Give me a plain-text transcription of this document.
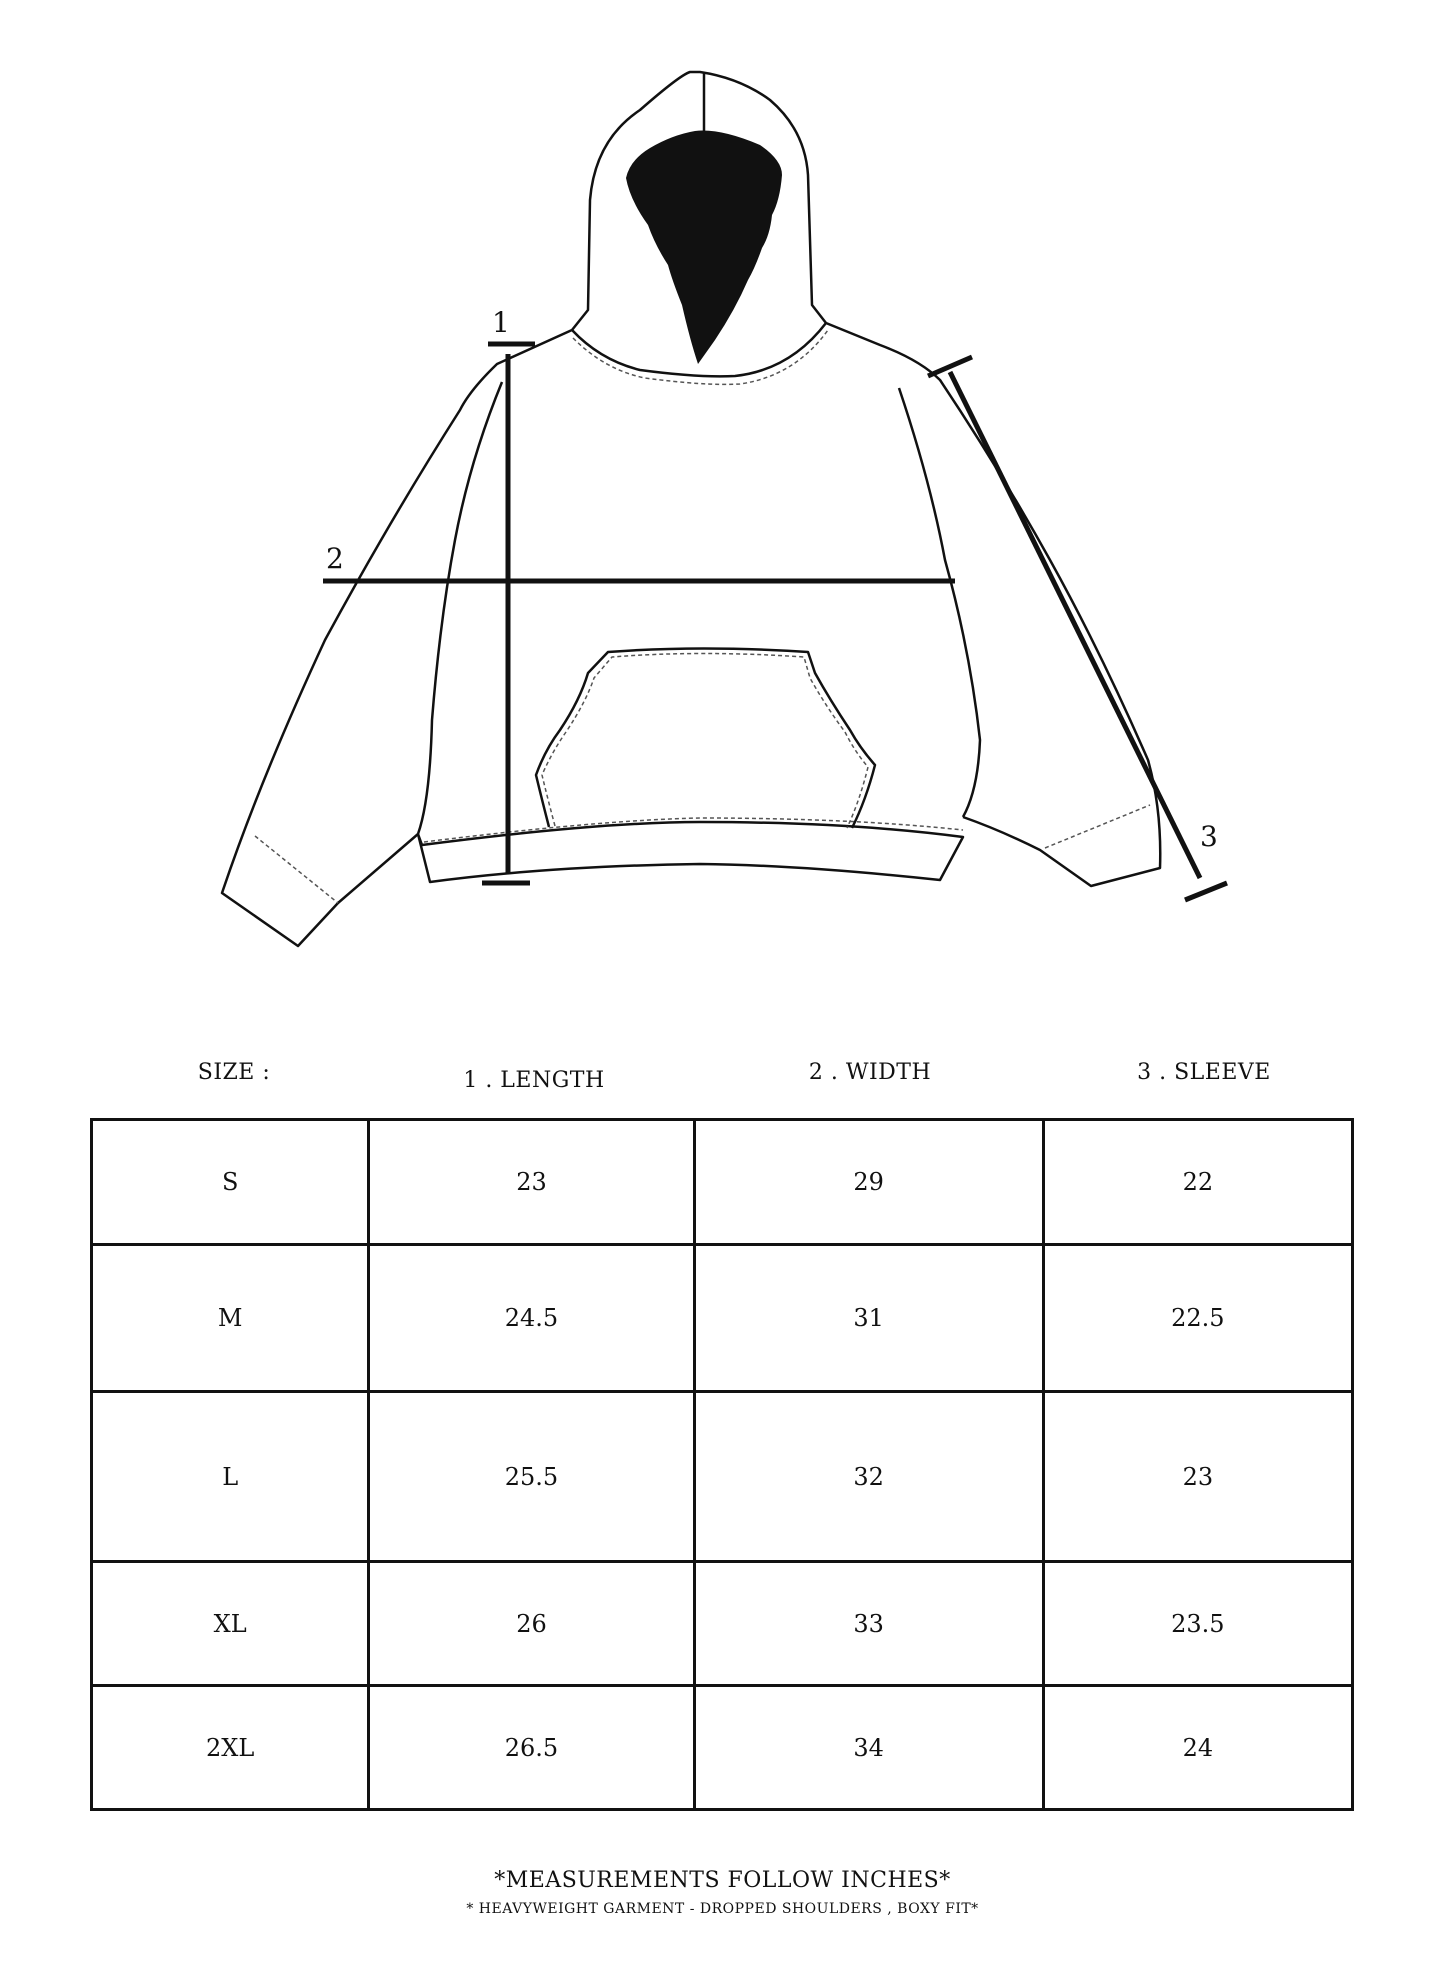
1
2
3
SIZE :	1 . LENGTH	2 . WIDTH	3 . SLEEVE
S	23	29	22
M	24.5	31	22.5
L	25.5	32	23
XL	26	33	23.5
2XL	26.5	34	24
*MEASUREMENTS FOLLOW INCHES*
* HEAVYWEIGHT GARMENT - DROPPED SHOULDERS , BOXY FIT*
